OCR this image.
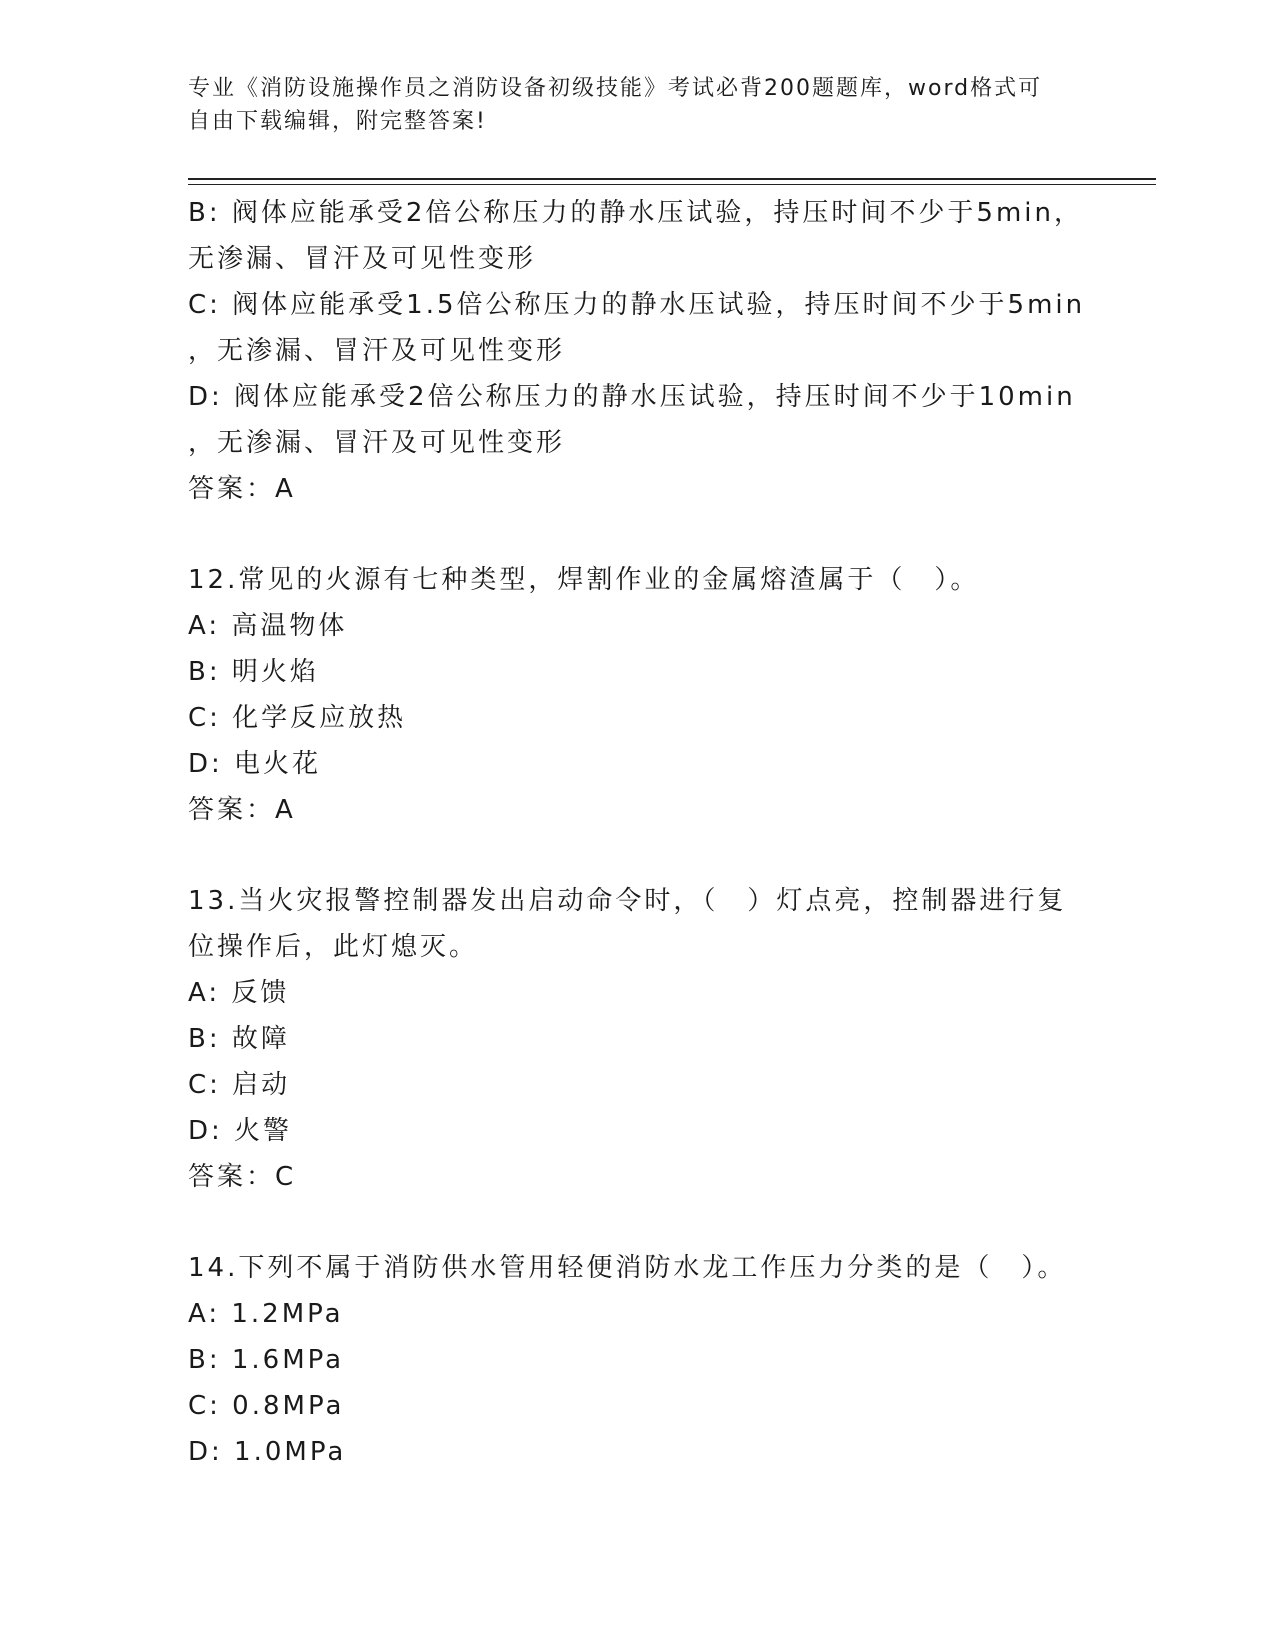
专业《消防设施操作员之消防设备初级技能》考试必背200题题库，word格式可
自由下载编辑，附完整答案!
B: 阀体应能承受2倍公称压力的静水压试验，持压时间不少于5min，
无渗漏、冒汗及可见性变形
C: 阀体应能承受1.5倍公称压力的静水压试验，持压时间不少于5min
，无渗漏、冒汗及可见性变形
D: 阀体应能承受2倍公称压力的静水压试验，持压时间不少于10min
，无渗漏、冒汗及可见性变形
答案：A
12.常见的火源有七种类型，焊割作业的金属熔渣属于（　）。
A: 高温物体
B: 明火焰
C: 化学反应放热
D: 电火花
答案：A
13.当火灾报警控制器发出启动命令时，（　）灯点亮，控制器进行复
位操作后，此灯熄灭。
A: 反馈
B: 故障
C: 启动
D: 火警
答案：C
14.下列不属于消防供水管用轻便消防水龙工作压力分类的是（　）。
A: 1.2MPa
B: 1.6MPa
C: 0.8MPa
D: 1.0MPa
